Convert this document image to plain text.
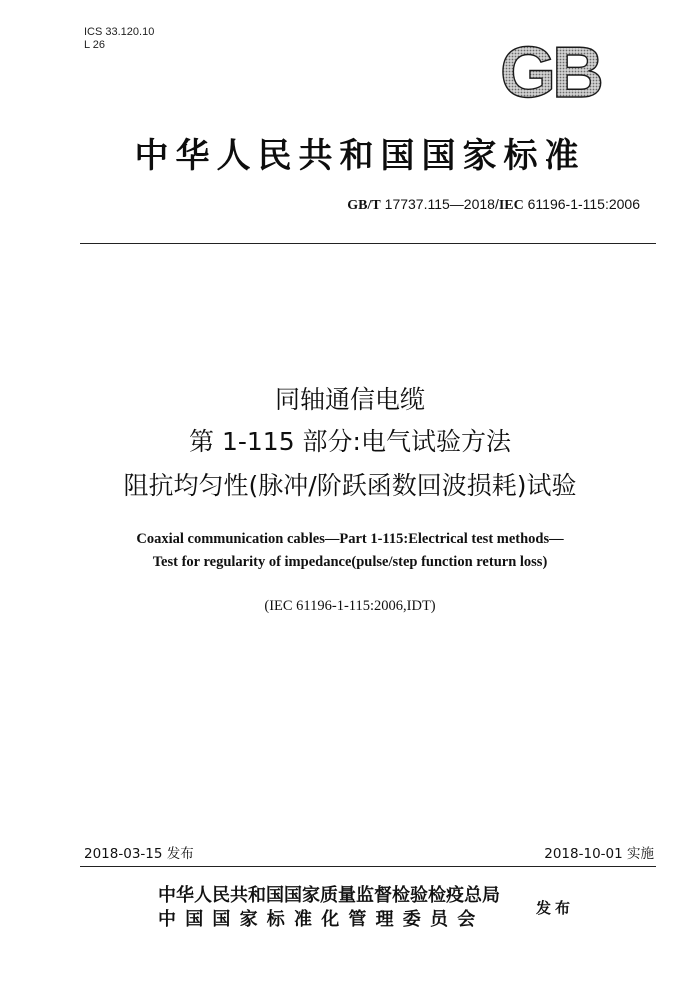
ICS 33.120.10
L 26	GB
中华人民共和国国家标准
GB/T 17737.115—2018/IEC 61196-1-115:2006
同轴通信电缆
第 1-115 部分:电气试验方法
阻抗均匀性(脉冲/阶跃函数回波损耗)试验
Coaxial communication cables—Part 1-115:Electrical test methods—
Test for regularity of impedance(pulse/step function return loss)
(IEC 61196-1-115:2006,IDT)
2018-03-15 发布	2018-10-01 实施
中华人民共和国国家质量监督检验检疫总局
中国国家标准化管理委员会
发布
